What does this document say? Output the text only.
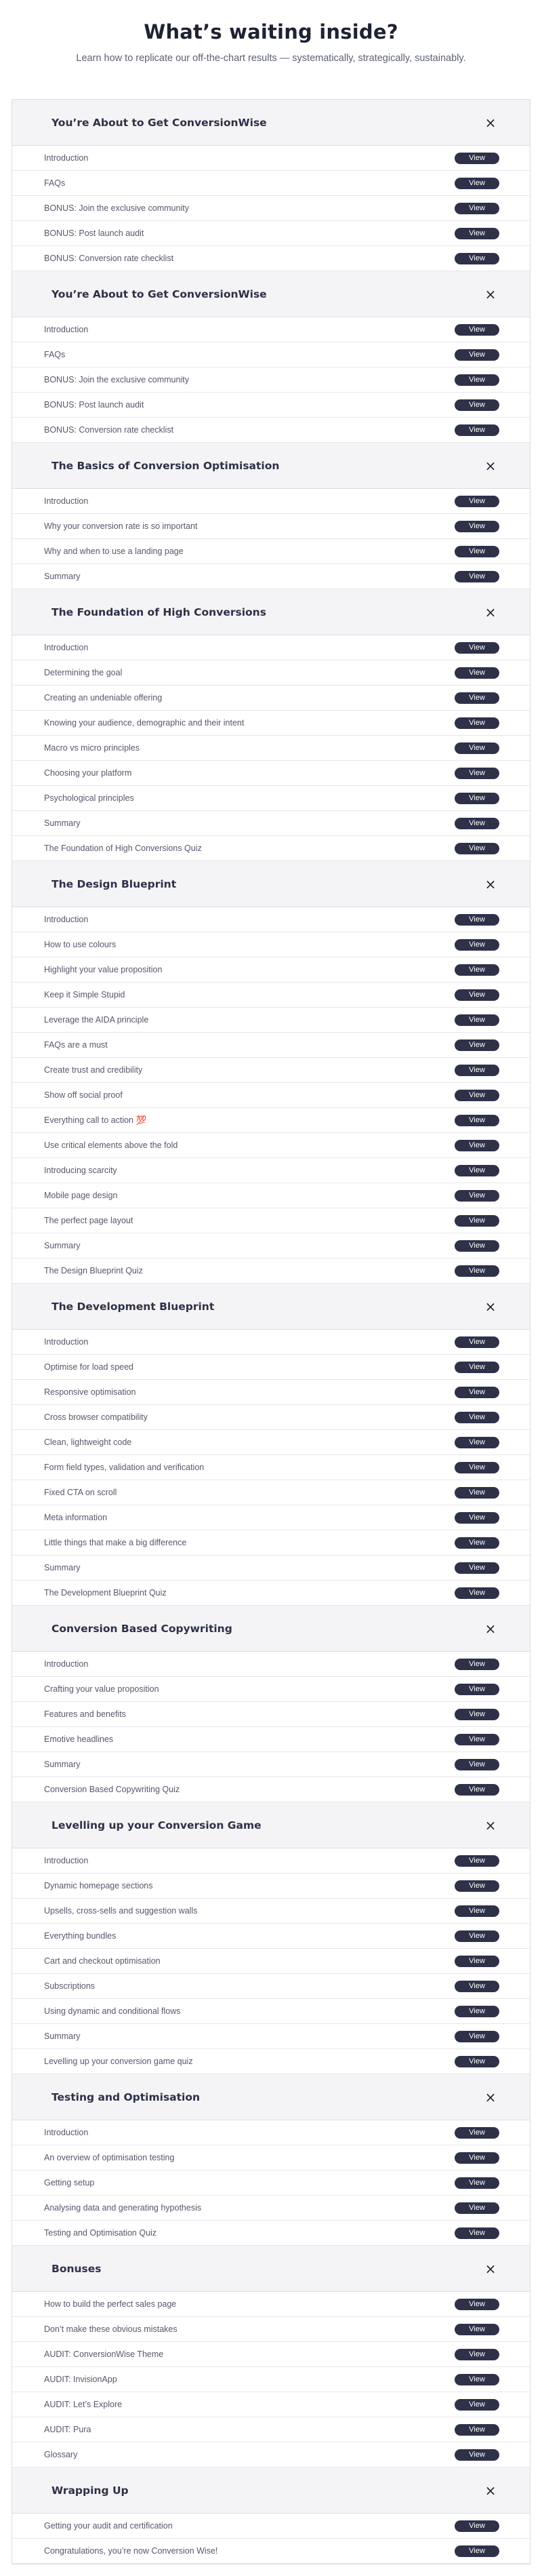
What’s waiting inside?

Learn how to replicate our off-the-chart results — systematically, strategically, sustainably.

You’re About to Get ConversionWise	×
Introduction	View
FAQs	View
BONUS: Join the exclusive community	View
BONUS: Post launch audit	View
BONUS: Conversion rate checklist	View
You’re About to Get ConversionWise	×
Introduction	View
FAQs	View
BONUS: Join the exclusive community	View
BONUS: Post launch audit	View
BONUS: Conversion rate checklist	View
The Basics of Conversion Optimisation	×
Introduction	View
Why your conversion rate is so important	View
Why and when to use a landing page	View
Summary	View
The Foundation of High Conversions	×
Introduction	View
Determining the goal	View
Creating an undeniable offering	View
Knowing your audience, demographic and their intent	View
Macro vs micro principles	View
Choosing your platform	View
Psychological principles	View
Summary	View
The Foundation of High Conversions Quiz	View
The Design Blueprint	×
Introduction	View
How to use colours	View
Highlight your value proposition	View
Keep it Simple Stupid	View
Leverage the AIDA principle	View
FAQs are a must	View
Create trust and credibility	View
Show off social proof	View
Everything call to action 💯	View
Use critical elements above the fold	View
Introducing scarcity	View
Mobile page design	View
The perfect page layout	View
Summary	View
The Design Blueprint Quiz	View
The Development Blueprint	×
Introduction	View
Optimise for load speed	View
Responsive optimisation	View
Cross browser compatibility	View
Clean, lightweight code	View
Form field types, validation and verification	View
Fixed CTA on scroll	View
Meta information	View
Little things that make a big difference	View
Summary	View
The Development Blueprint Quiz	View
Conversion Based Copywriting	×
Introduction	View
Crafting your value proposition	View
Features and benefits	View
Emotive headlines	View
Summary	View
Conversion Based Copywriting Quiz	View
Levelling up your Conversion Game	×
Introduction	View
Dynamic homepage sections	View
Upsells, cross-sells and suggestion walls	View
Everything bundles	View
Cart and checkout optimisation	View
Subscriptions	View
Using dynamic and conditional flows	View
Summary	View
Levelling up your conversion game quiz	View
Testing and Optimisation	×
Introduction	View
An overview of optimisation testing	View
Getting setup	View
Analysing data and generating hypothesis	View
Testing and Optimisation Quiz	View
Bonuses	×
How to build the perfect sales page	View
Don’t make these obvious mistakes	View
AUDIT: ConversionWise Theme	View
AUDIT: InvisionApp	View
AUDIT: Let’s Explore	View
AUDIT: Pura	View
Glossary	View
Wrapping Up	×
Getting your audit and certification	View
Congratulations, you’re now Conversion Wise!	View
